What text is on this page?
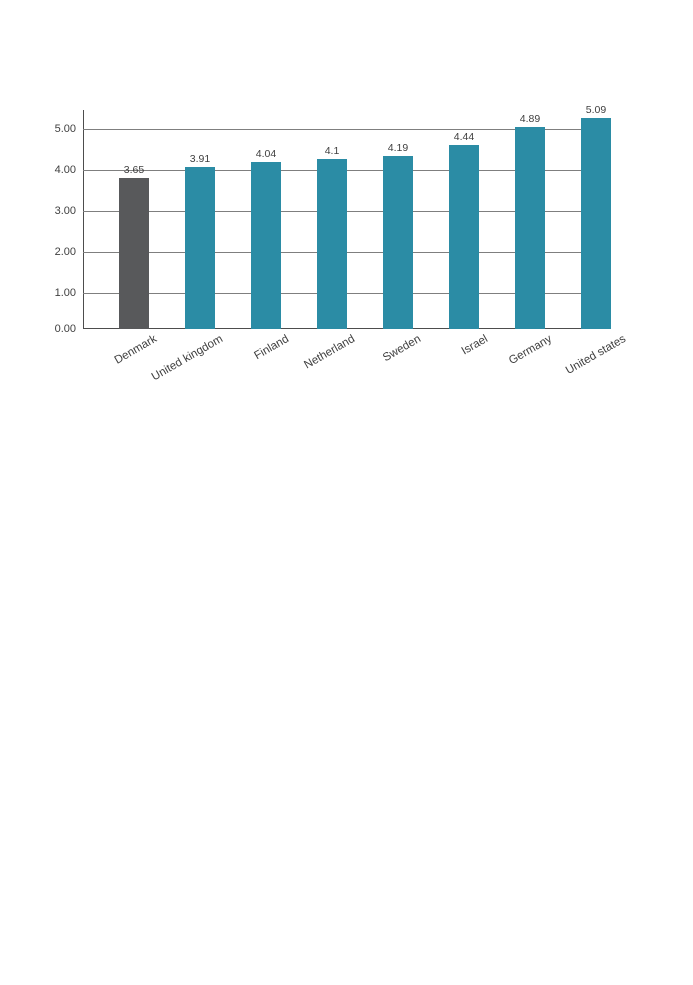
5.00
4.00
3.00
2.00
1.00
0.00
3.65
3.91	4.04	4.1	4.19
4.44
4.89
5.09
Denmark
United kingdom	Finland Netherland	Sweden	Israel	Germany United states
